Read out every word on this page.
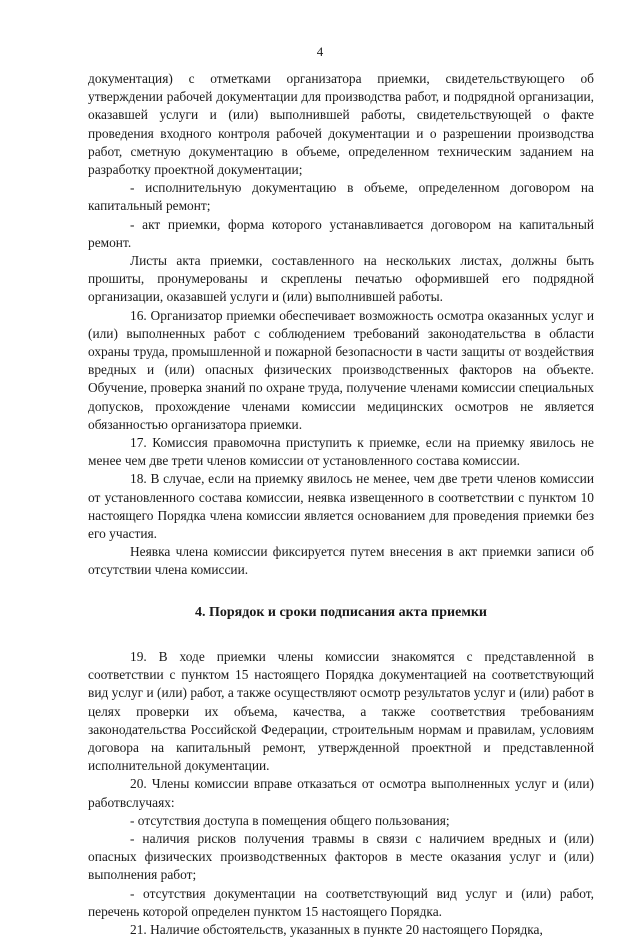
4

документация) с отметками организатора приемки, свидетельствующего об утверждении рабочей документации для производства работ, и подрядной организации, оказавшей услуги и (или) выполнившей работы, свидетельствующей о факте проведения входного контроля рабочей документации и о разрешении производства работ, сметную документацию в объеме, определенном техническим заданием на разработку проектной документации;

- исполнительную документацию в объеме, определенном договором на капитальный ремонт;

- акт приемки, форма которого устанавливается договором на капитальный ремонт.

Листы акта приемки, составленного на нескольких листах, должны быть прошиты, пронумерованы и скреплены печатью оформившей его подрядной организации, оказавшей услуги и (или) выполнившей работы.

16. Организатор приемки обеспечивает возможность осмотра оказанных услуг и (или) выполненных работ с соблюдением требований законодательства в области охраны труда, промышленной и пожарной безопасности в части защиты от воздействия вредных и (или) опасных физических производственных факторов на объекте. Обучение, проверка знаний по охране труда, получение членами комиссии специальных допусков, прохождение членами комиссии медицинских осмотров не является обязанностью организатора приемки.

17. Комиссия правомочна приступить к приемке, если на приемку явилось не менее чем две трети членов комиссии от установленного состава комиссии.

18. В случае, если на приемку явилось не менее, чем две трети членов комиссии от установленного состава комиссии, неявка извещенного в соответствии с пунктом 10 настоящего Порядка члена комиссии является основанием для проведения приемки без его участия.

Неявка члена комиссии фиксируется путем внесения в акт приемки записи об отсутствии члена комиссии.

4. Порядок и сроки подписания акта приемки

19. В ходе приемки члены комиссии знакомятся с представленной в соответствии с пунктом 15 настоящего Порядка документацией на соответствующий вид услуг и (или) работ, а также осуществляют осмотр результатов услуг и (или) работ в целях проверки их объема, качества, а также соответствия требованиям законодательства Российской Федерации, строительным нормам и правилам, условиям договора на капитальный ремонт, утвержденной проектной и представленной исполнительной документации.

20. Члены комиссии вправе отказаться от осмотра выполненных услуг и (или) работвслучаях:

- отсутствия доступа в помещения общего пользования;

- наличия рисков получения травмы в связи с наличием вредных и (или) опасных физических производственных факторов в месте оказания услуг и (или) выполнения работ;

- отсутствия документации на соответствующий вид услуг и (или) работ, перечень которой определен пунктом 15 настоящего Порядка.

21. Наличие обстоятельств, указанных в пункте 20 настоящего Порядка,
